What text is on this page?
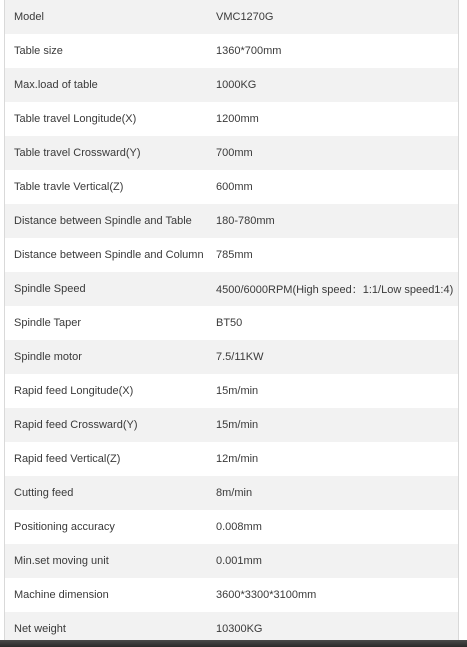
Model	VMC1270G
Table size	1360*700mm
Max.load of table	1000KG
Table travel Longitude(X)	1200mm
Table travel Crossward(Y)	700mm
Table travle Vertical(Z)	600mm
Distance between Spindle and Table	180-780mm
Distance between Spindle and Column	785mm
Spindle Speed	4500/6000RPM(High speed：1:1/Low speed1:4)
Spindle Taper	BT50
Spindle motor	7.5/11KW
Rapid feed Longitude(X)	15m/min
Rapid feed Crossward(Y)	15m/min
Rapid feed Vertical(Z)	12m/min
Cutting feed	8m/min
Positioning accuracy	0.008mm
Min.set moving unit	0.001mm
Machine dimension	3600*3300*3100mm
Net weight	10300KG
